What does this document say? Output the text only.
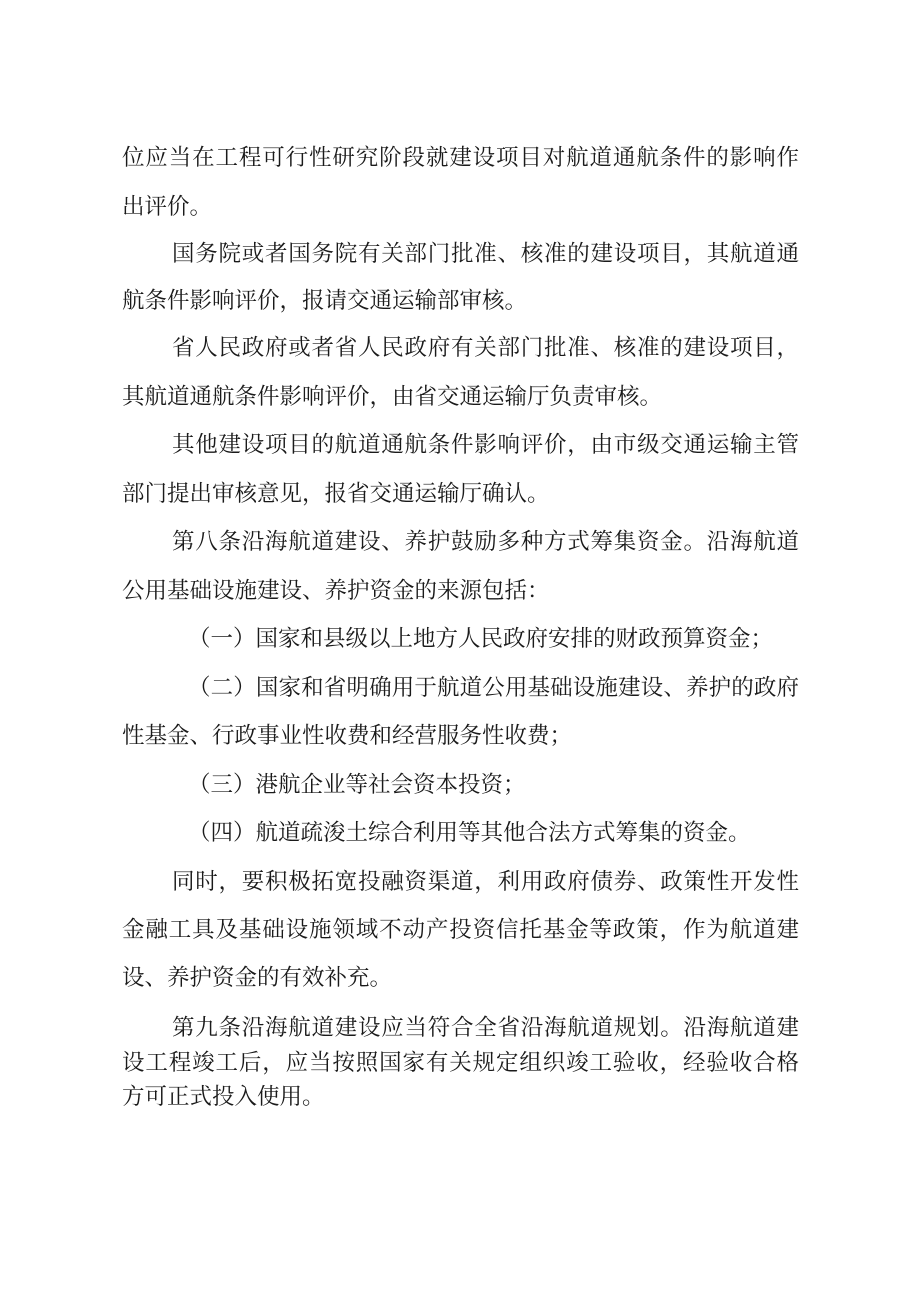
位应当在工程可行性研究阶段就建设项目对航道通航条件的影响作

出评价。

国务院或者国务院有关部门批准、核准的建设项目，其航道通

航条件影响评价，报请交通运输部审核。

省人民政府或者省人民政府有关部门批准、核准的建设项目，

其航道通航条件影响评价，由省交通运输厅负责审核。

其他建设项目的航道通航条件影响评价，由市级交通运输主管

部门提出审核意见，报省交通运输厅确认。

第八条沿海航道建设、养护鼓励多种方式筹集资金。沿海航道

公用基础设施建设、养护资金的来源包括：

（一）国家和县级以上地方人民政府安排的财政预算资金；

（二）国家和省明确用于航道公用基础设施建设、养护的政府

性基金、行政事业性收费和经营服务性收费；

（三）港航企业等社会资本投资；

（四）航道疏浚土综合利用等其他合法方式筹集的资金。

同时，要积极拓宽投融资渠道，利用政府债券、政策性开发性

金融工具及基础设施领域不动产投资信托基金等政策，作为航道建

设、养护资金的有效补充。

第九条沿海航道建设应当符合全省沿海航道规划。沿海航道建

设工程竣工后，应当按照国家有关规定组织竣工验收，经验收合格

方可正式投入使用。
